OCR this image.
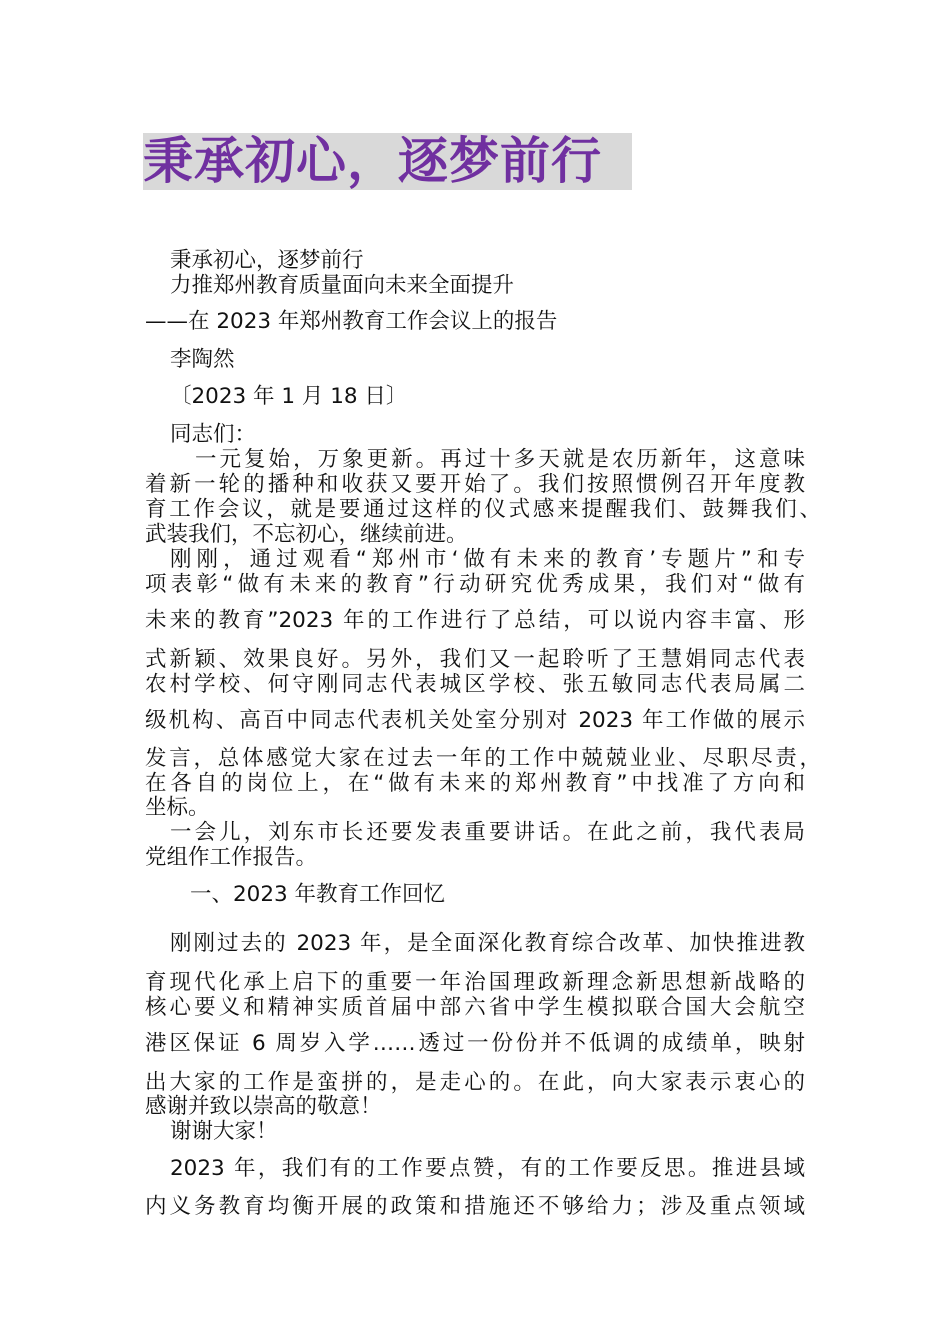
秉承初心，逐梦前行
秉承初心，逐梦前行
力推郑州教育质量面向未来全面提升
——在 2023 年郑州教育工作会议上的报告
李陶然
〔2023 年 1 月 18 日〕
同志们：
一元复始，万象更新。再过十多天就是农历新年，这意味
着新一轮的播种和收获又要开始了。我们按照惯例召开年度教
育工作会议，就是要通过这样的仪式感来提醒我们、鼓舞我们、
武装我们，不忘初心，继续前进。
刚刚，通过观看“郑州市‘做有未来的教育’专题片”和专
项表彰“做有未来的教育”行动研究优秀成果，我们对“做有
未来的教育”2023 年的工作进行了总结，可以说内容丰富、形
式新颖、效果良好。另外，我们又一起聆听了王慧娟同志代表
农村学校、何守刚同志代表城区学校、张五敏同志代表局属二
级机构、高百中同志代表机关处室分别对 2023 年工作做的展示
发言，总体感觉大家在过去一年的工作中兢兢业业、尽职尽责，
在各自的岗位上，在“做有未来的郑州教育”中找准了方向和
坐标。
一会儿，刘东市长还要发表重要讲话。在此之前，我代表局
党组作工作报告。
一、2023 年教育工作回忆
刚刚过去的 2023 年，是全面深化教育综合改革、加快推进教
育现代化承上启下的重要一年治国理政新理念新思想新战略的
核心要义和精神实质首届中部六省中学生模拟联合国大会航空
港区保证 6 周岁入学……透过一份份并不低调的成绩单，映射
出大家的工作是蛮拼的，是走心的。在此，向大家表示衷心的
感谢并致以崇高的敬意！
谢谢大家！
2023 年，我们有的工作要点赞，有的工作要反思。推进县域
内义务教育均衡开展的政策和措施还不够给力；涉及重点领域
